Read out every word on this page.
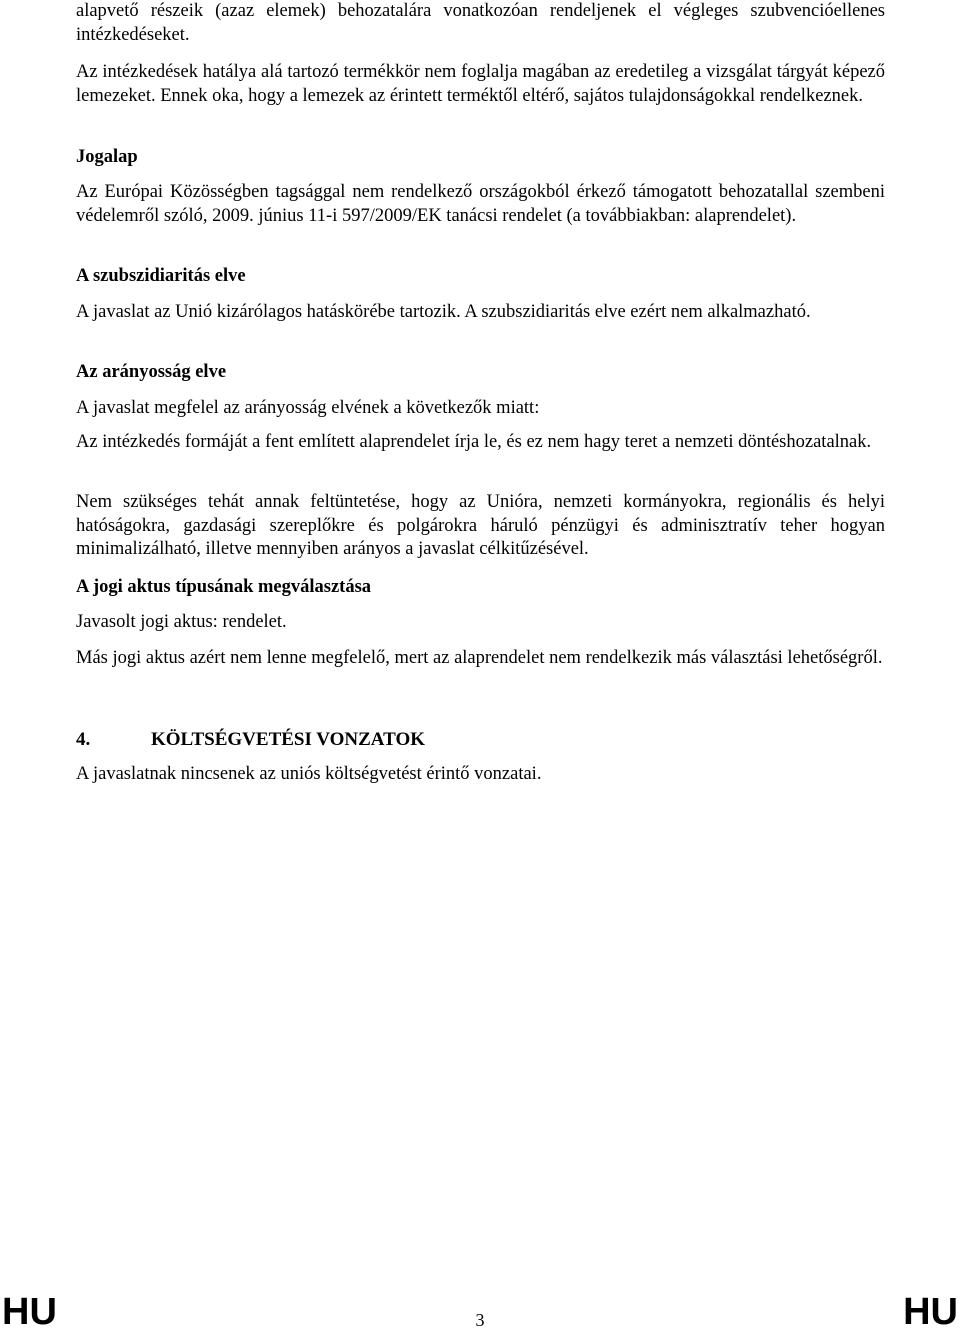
alapvető részeik (azaz elemek) behozatalára vonatkozóan rendeljenek el végleges szubvencióellenes intézkedéseket.

Az intézkedések hatálya alá tartozó termékkör nem foglalja magában az eredetileg a vizsgálat tárgyát képező lemezeket. Ennek oka, hogy a lemezek az érintett terméktől eltérő, sajátos tulajdonságokkal rendelkeznek.

Jogalap

Az Európai Közösségben tagsággal nem rendelkező országokból érkező támogatott behozatallal szembeni védelemről szóló, 2009. június 11-i 597/2009/EK tanácsi rendelet (a továbbiakban: alaprendelet).

A szubszidiaritás elve

A javaslat az Unió kizárólagos hatáskörébe tartozik. A szubszidiaritás elve ezért nem alkalmazható.

Az arányosság elve

A javaslat megfelel az arányosság elvének a következők miatt:

Az intézkedés formáját a fent említett alaprendelet írja le, és ez nem hagy teret a nemzeti döntéshozatalnak.

Nem szükséges tehát annak feltüntetése, hogy az Unióra, nemzeti kormányokra, regionális és helyi hatóságokra, gazdasági szereplőkre és polgárokra háruló pénzügyi és adminisztratív teher hogyan minimalizálható, illetve mennyiben arányos a javaslat célkitűzésével.

A jogi aktus típusának megválasztása

Javasolt jogi aktus: rendelet.

Más jogi aktus azért nem lenne megfelelő, mert az alaprendelet nem rendelkezik más választási lehetőségről.

4.	KÖLTSÉGVETÉSI VONZATOK

A javaslatnak nincsenek az uniós költségvetést érintő vonzatai.

HU	3	HU
